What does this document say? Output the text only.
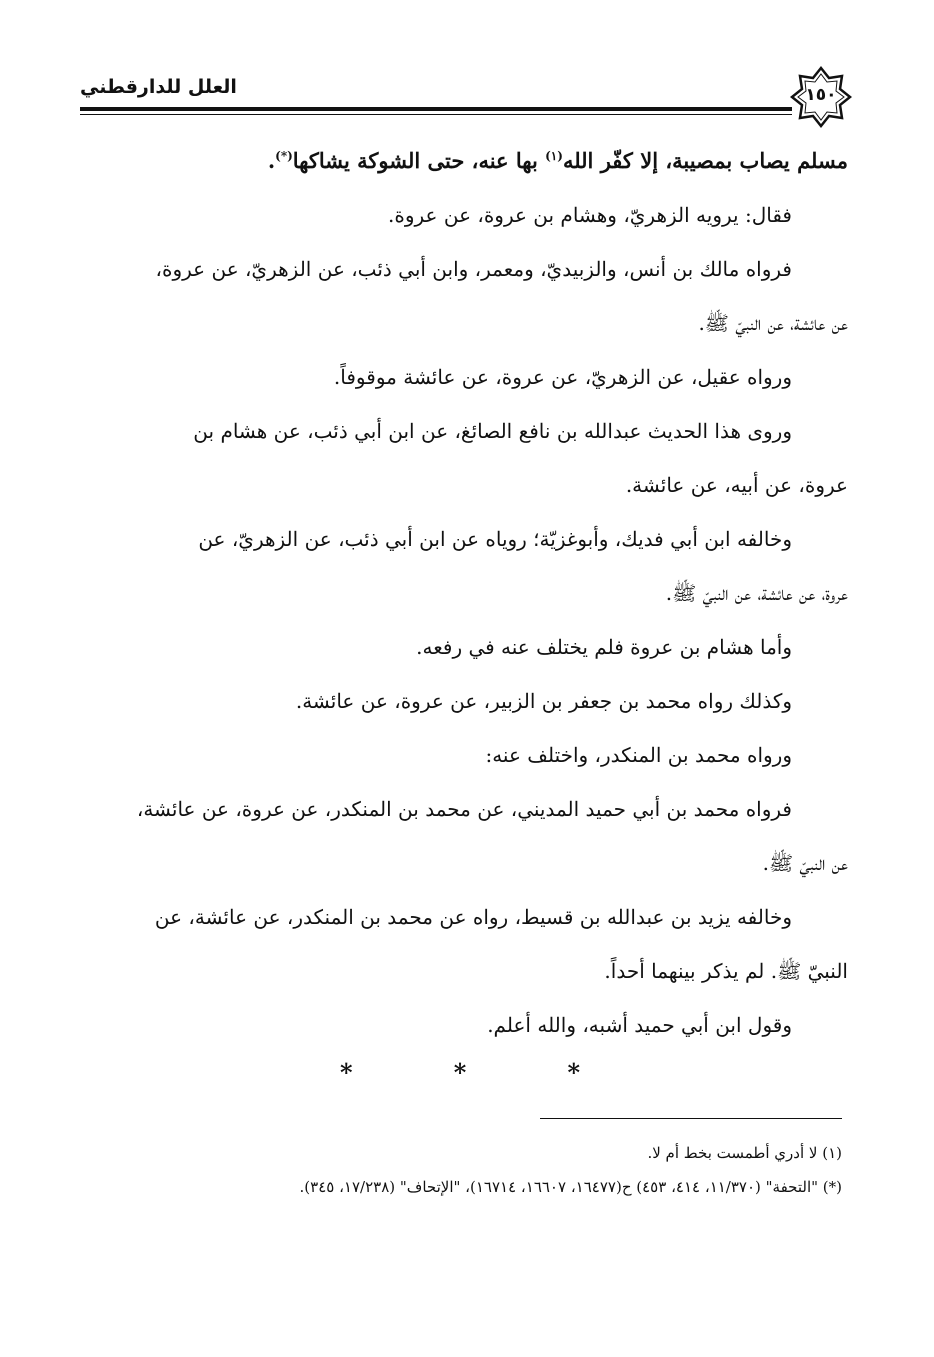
العلل للدارقطني	١٥٠
مسلم يصاب بمصيبة، إلا كفّر الله$^{(١)}$ بها عنه، حتى الشوكة يشاكها(*).
فقال: يرويه الزهريّ، وهشام بن عروة، عن عروة.
فرواه مالك بن أنس، والزبيديّ، ومعمر، وابن أبي ذئب، عن الزهريّ، عن عروة،
عن عائشة، عن النبيّ ﷺ.
ورواه عقيل، عن الزهريّ، عن عروة، عن عائشة موقوفاً.
وروى هذا الحديث عبدالله بن نافع الصائغ، عن ابن أبي ذئب، عن هشام بن
عروة، عن أبيه، عن عائشة.
وخالفه ابن أبي فديك، وأبوغزيّة؛ روياه عن ابن أبي ذئب، عن الزهريّ، عن
عروة، عن عائشة، عن النبيّ ﷺ.
وأما هشام بن عروة فلم يختلف عنه في رفعه.
وكذلك رواه محمد بن جعفر بن الزبير، عن عروة، عن عائشة.
ورواه محمد بن المنكدر، واختلف عنه:
فرواه محمد بن أبي حميد المديني، عن محمد بن المنكدر، عن عروة، عن عائشة،
عن النبيّ ﷺ.
وخالفه يزيد بن عبدالله بن قسيط، رواه عن محمد بن المنكدر، عن عائشة، عن
النبيّ ﷺ. لم يذكر بينهما أحداً.
وقول ابن أبي حميد أشبه، والله أعلم.
*	*	*
(١) لا أدري أطمست بخط أم لا.
(*) "التحفة" (١١/٣٧٠، ٤١٤، ٤٥٣) ح(١٦٤٧٧، ١٦٦٠٧، ١٦٧١٤)، "الإتحاف" (١٧/٢٣٨، ٣٤٥).
